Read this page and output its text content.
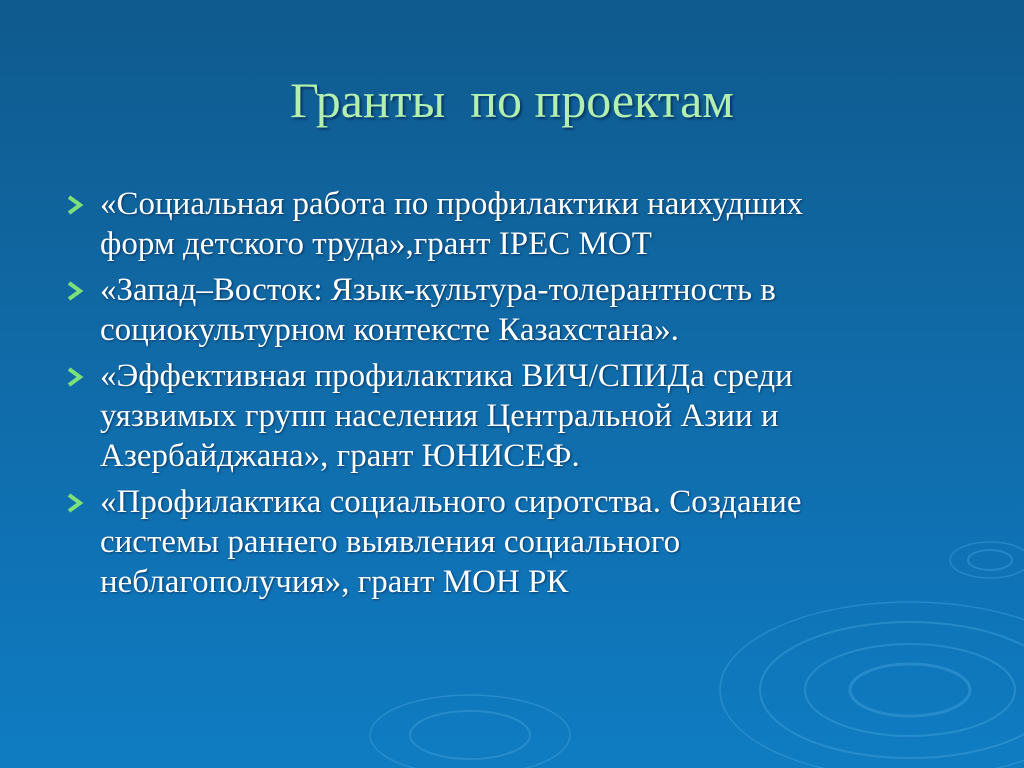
Гранты  по проектам
«Социальная работа по профилактики наихудших
форм детского труда»,грант IPEC МОТ
«Запад–Восток: Язык-культура-толерантность в
социокультурном контексте Казахстана».
«Эффективная профилактика ВИЧ/СПИДа среди
уязвимых групп населения Центральной Азии и
Азербайджана», грант ЮНИСЕФ.
«Профилактика социального сиротства. Создание
системы раннего выявления социального
неблагополучия», грант МОН РК
